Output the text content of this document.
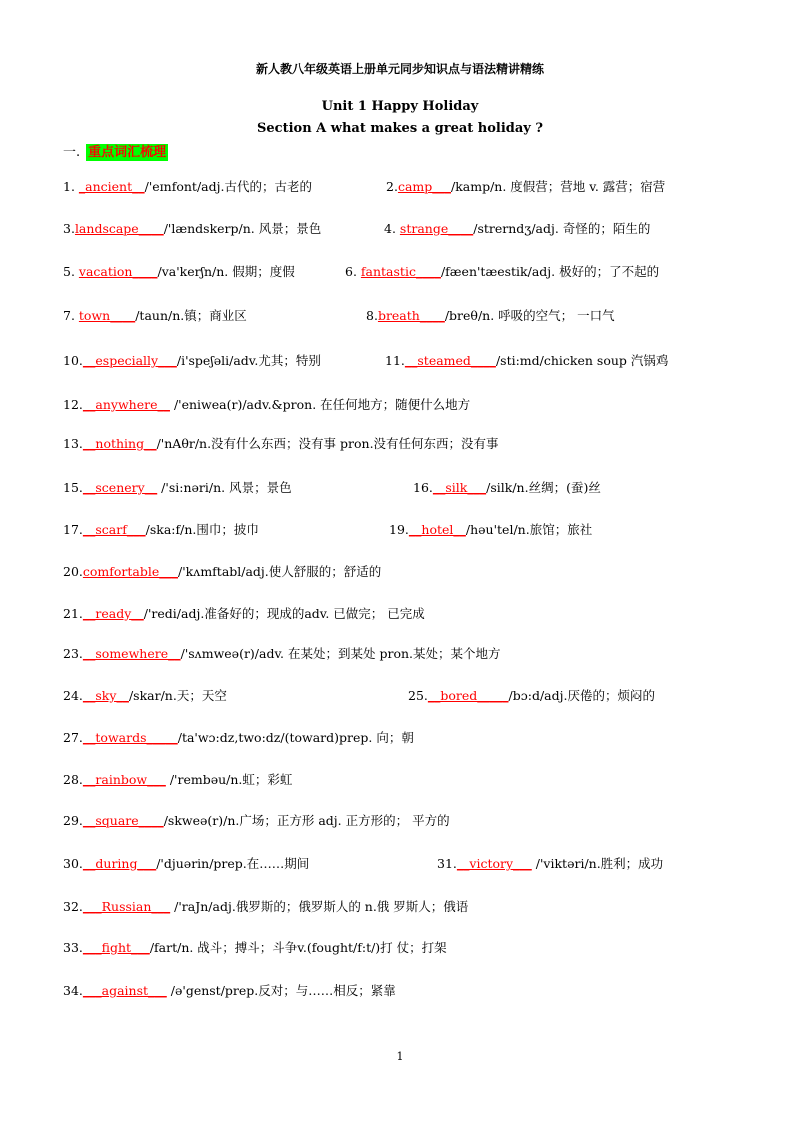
新人教八年级英语上册单元同步知识点与语法精讲精练
Unit 1 Happy Holiday
Section A what makes a great holiday ?
一. 重点词汇梳理
1. _ancient__/'eɪnfont/adj.古代的；古老的	2.camp___/kamp/n. 度假营；营地 v. 露营；宿营
3.landscape____/'lændskerp/n. 风景；景色	4. strange____/strerndʒ/adj. 奇怪的；陌生的
5. vacation____/va'kerʃn/n. 假期；度假	6. fantastic____/fæen'tæestik/adj. 极好的；了不起的
7. town____/taun/n.镇；商业区	8.breath____/breθ/n. 呼吸的空气； 一口气
10.__especially___/i'speʃəli/adv.尤其；特别	11.__steamed____/sti:md/chicken soup 汽锅鸡
12.__anywhere__ /'eniwea(r)/adv.&pron. 在任何地方；随便什么地方
13.__nothing__/'nAθr/n.没有什么东西；没有事 pron.没有任何东西；没有事
15.__scenery__ /'si:nəri/n. 风景；景色	16.__silk___/silk/n.丝绸；(蚕)丝
17.__scarf___/ska:f/n.围巾；披巾	19.__hotel__/həu'tel/n.旅馆；旅社
20.comfortable___/'kʌmftabl/adj.使人舒服的；舒适的
21.__ready__/'redi/adj.准备好的；现成的adv. 已做完； 已完成
23.__somewhere__/'sʌmweə(r)/adv. 在某处；到某处 pron.某处；某个地方
24.__sky__/skar/n.天；天空	25.__bored_____/bɔ:d/adj.厌倦的；烦闷的
27.__towards_____/ta'wɔ:dz,two:dz/(toward)prep. 向；朝
28.__rainbow___ /'rembəu/n.虹；彩虹
29.__square____/skweə(r)/n.广场；正方形 adj. 正方形的； 平方的
30.__during___/'djuərin/prep.在……期间	31.__victory___ /'viktəri/n.胜利；成功
32.___Russian___ /'raJn/adj.俄罗斯的；俄罗斯人的 n.俄 罗斯人；俄语
33.___fight___/fart/n. 战斗；搏斗；斗争v.(fought/f:t/)打 仗；打架
34.___against___ /ə'genst/prep.反对；与……相反；紧靠
1
